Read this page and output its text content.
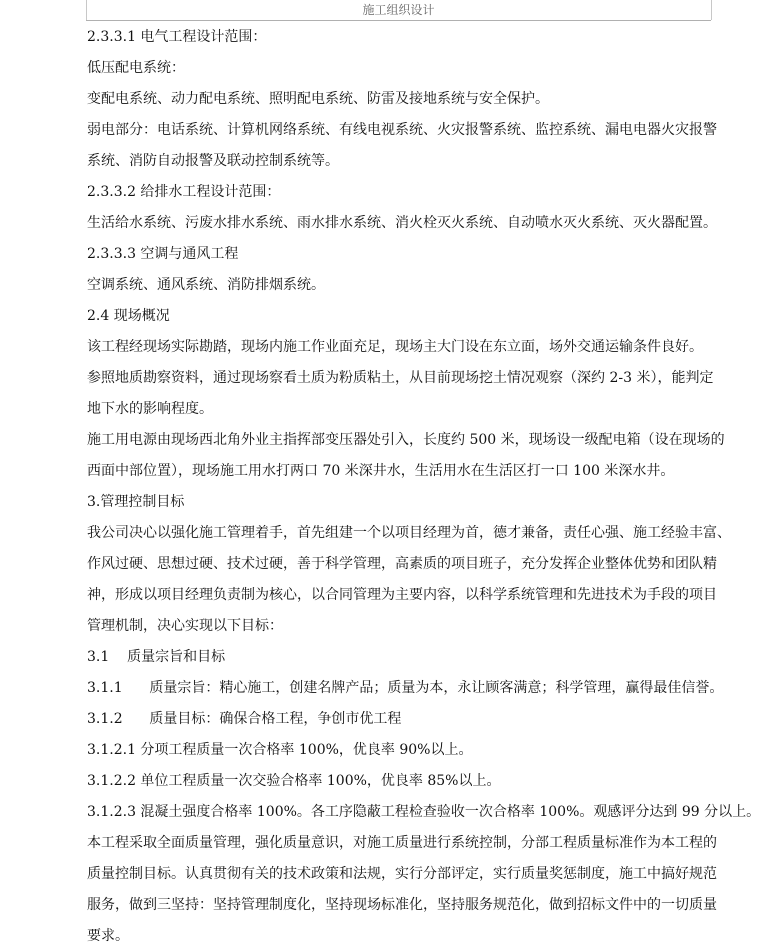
施工组织设计
2.3.3.1 电气工程设计范围：
低压配电系统：
变配电系统、动力配电系统、照明配电系统、防雷及接地系统与安全保护。
弱电部分：电话系统、计算机网络系统、有线电视系统、火灾报警系统、监控系统、漏电电器火灾报警
系统、消防自动报警及联动控制系统等。
2.3.3.2 给排水工程设计范围：
生活给水系统、污废水排水系统、雨水排水系统、消火栓灭火系统、自动喷水灭火系统、灭火器配置。
2.3.3.3 空调与通风工程
空调系统、通风系统、消防排烟系统。
2.4 现场概况
该工程经现场实际勘踏，现场内施工作业面充足，现场主大门设在东立面，场外交通运输条件良好。
参照地质勘察资料，通过现场察看土质为粉质粘土，从目前现场挖土情况观察（深约 2-3 米），能判定
地下水的影响程度。
施工用电源由现场西北角外业主指挥部变压器处引入，长度约 500 米，现场设一级配电箱（设在现场的
西面中部位置），现场施工用水打两口 70 米深井水，生活用水在生活区打一口 100 米深水井。
3.管理控制目标
我公司决心以强化施工管理着手，首先组建一个以项目经理为首，德才兼备，责任心强、施工经验丰富、
作风过硬、思想过硬、技术过硬，善于科学管理，高素质的项目班子，充分发挥企业整体优势和团队精
神，形成以项目经理负责制为核心，以合同管理为主要内容，以科学系统管理和先进技术为手段的项目
管理机制，决心实现以下目标：
3.1    质量宗旨和目标
3.1.1      质量宗旨：精心施工，创建名牌产品；质量为本，永让顾客满意；科学管理，赢得最佳信誉。
3.1.2      质量目标：确保合格工程，争创市优工程
3.1.2.1 分项工程质量一次合格率 100%，优良率 90%以上。
3.1.2.2 单位工程质量一次交验合格率 100%，优良率 85%以上。
3.1.2.3 混凝土强度合格率 100%。各工序隐蔽工程检查验收一次合格率 100%。观感评分达到 99 分以上。
本工程采取全面质量管理，强化质量意识，对施工质量进行系统控制，分部工程质量标准作为本工程的
质量控制目标。认真贯彻有关的技术政策和法规，实行分部评定，实行质量奖惩制度，施工中搞好规范
服务，做到三坚持：坚持管理制度化，坚持现场标准化，坚持服务规范化，做到招标文件中的一切质量
要求。
